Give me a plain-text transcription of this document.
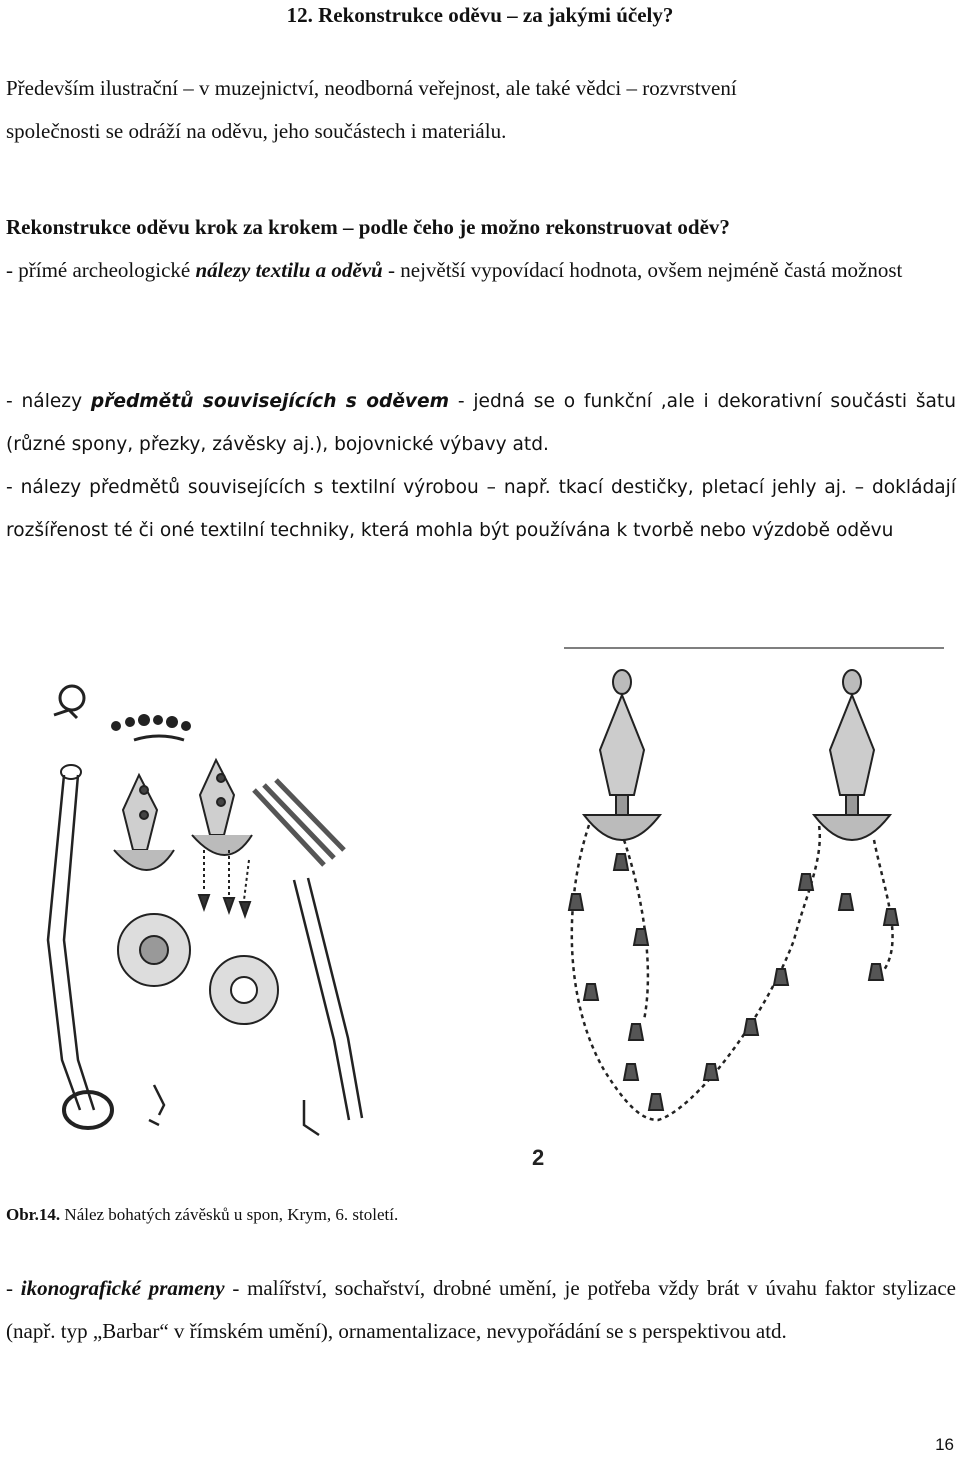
12. Rekonstrukce oděvu – za jakými účely?

Především ilustrační – v muzejnictví, neodborná veřejnost, ale také vědci – rozvrstvení
společnosti se odráží na oděvu, jeho součástech i materiálu.

Rekonstrukce oděvu krok za krokem – podle čeho je možno rekonstruovat oděv?

- přímé archeologické nálezy textilu a oděvů - největší vypovídací hodnota, ovšem nejméně častá možnost

- nálezy předmětů souvisejících s oděvem - jedná se o funkční ,ale i dekorativní součásti šatu (různé spony, přezky, závěsky aj.), bojovnické výbavy atd.

- nálezy předmětů souvisejících s textilní výrobou – např. tkací destičky, pletací jehly aj. – dokládají rozšířenost té či oné textilní techniky, která mohla být používána k tvorbě nebo výzdobě oděvu

2
Obr.14. Nález bohatých závěsků u spon, Krym, 6. století.

- ikonografické prameny - malířství, sochařství, drobné umění, je potřeba vždy brát v úvahu faktor stylizace (např. typ „Barbar“ v římském umění), ornamentalizace, nevypořádání se s perspektivou atd.

16
